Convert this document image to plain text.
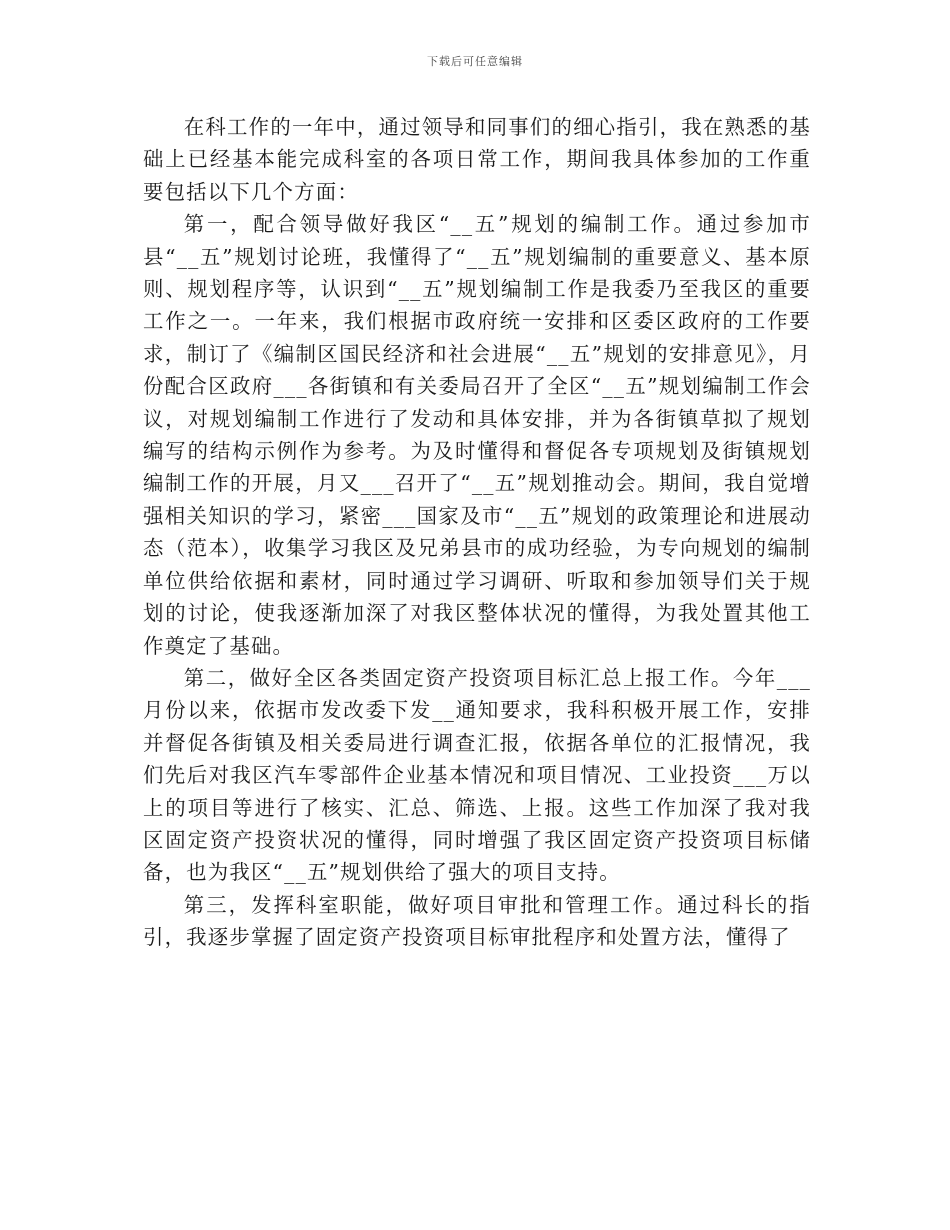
下载后可任意编辑

在科工作的一年中，通过领导和同事们的细心指引，我在熟悉的基础上已经基本能完成科室的各项日常工作，期间我具体参加的工作重要包括以下几个方面：

第一，配合领导做好我区“__五”规划的编制工作。通过参加市县“__五”规划讨论班，我懂得了“__五”规划编制的重要意义、基本原则、规划程序等，认识到“__五”规划编制工作是我委乃至我区的重要工作之一。一年来，我们根据市政府统一安排和区委区政府的工作要求，制订了《编制区国民经济和社会进展“__五”规划的安排意见》，月份配合区政府___各街镇和有关委局召开了全区“__五”规划编制工作会议，对规划编制工作进行了发动和具体安排，并为各街镇草拟了规划编写的结构示例作为参考。为及时懂得和督促各专项规划及街镇规划编制工作的开展，月又___召开了“__五”规划推动会。期间，我自觉增强相关知识的学习，紧密___国家及市“__五”规划的政策理论和进展动态（范本），收集学习我区及兄弟县市的成功经验，为专向规划的编制单位供给依据和素材，同时通过学习调研、听取和参加领导们关于规划的讨论，使我逐渐加深了对我区整体状况的懂得，为我处置其他工作奠定了基础。

第二，做好全区各类固定资产投资项目标汇总上报工作。今年___月份以来，依据市发改委下发__通知要求，我科积极开展工作，安排并督促各街镇及相关委局进行调查汇报，依据各单位的汇报情况，我们先后对我区汽车零部件企业基本情况和项目情况、工业投资___万以上的项目等进行了核实、汇总、筛选、上报。这些工作加深了我对我区固定资产投资状况的懂得，同时增强了我区固定资产投资项目标储备，也为我区“__五”规划供给了强大的项目支持。

第三，发挥科室职能，做好项目审批和管理工作。通过科长的指引，我逐步掌握了固定资产投资项目标审批程序和处置方法，懂得了
